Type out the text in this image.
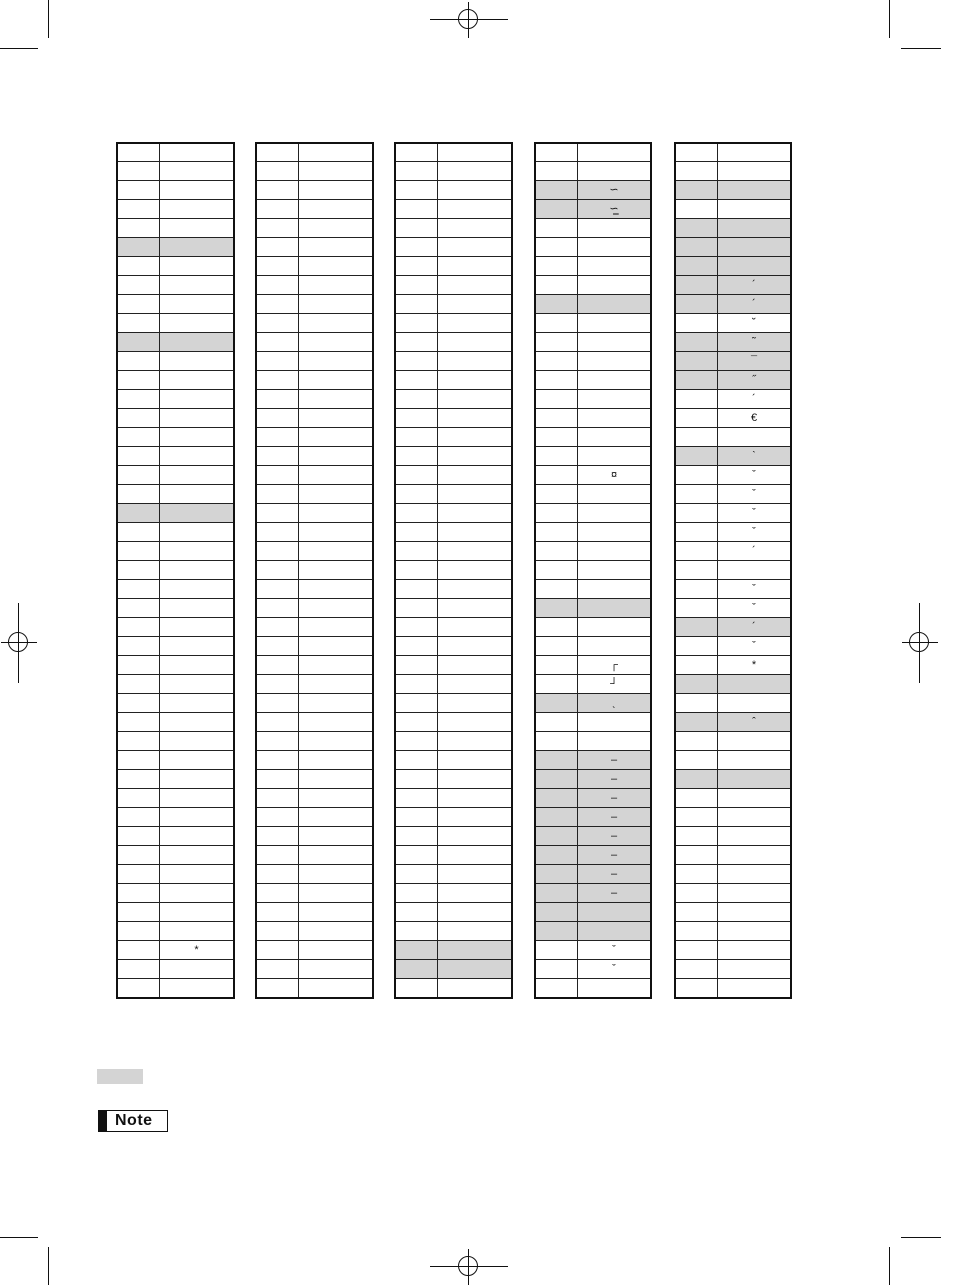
*
∽
∽̲
¤
┌
┘
ˎ
–
–
–
–
–
–
–
–
ˇ
ˇ
´
´
˘
˜
¯
˝
´
€
ˋ
ˇ
ˇ
ˇ
ˇ
´
ˇ
ˇ
´
ˇ
*
ˆ
Note
